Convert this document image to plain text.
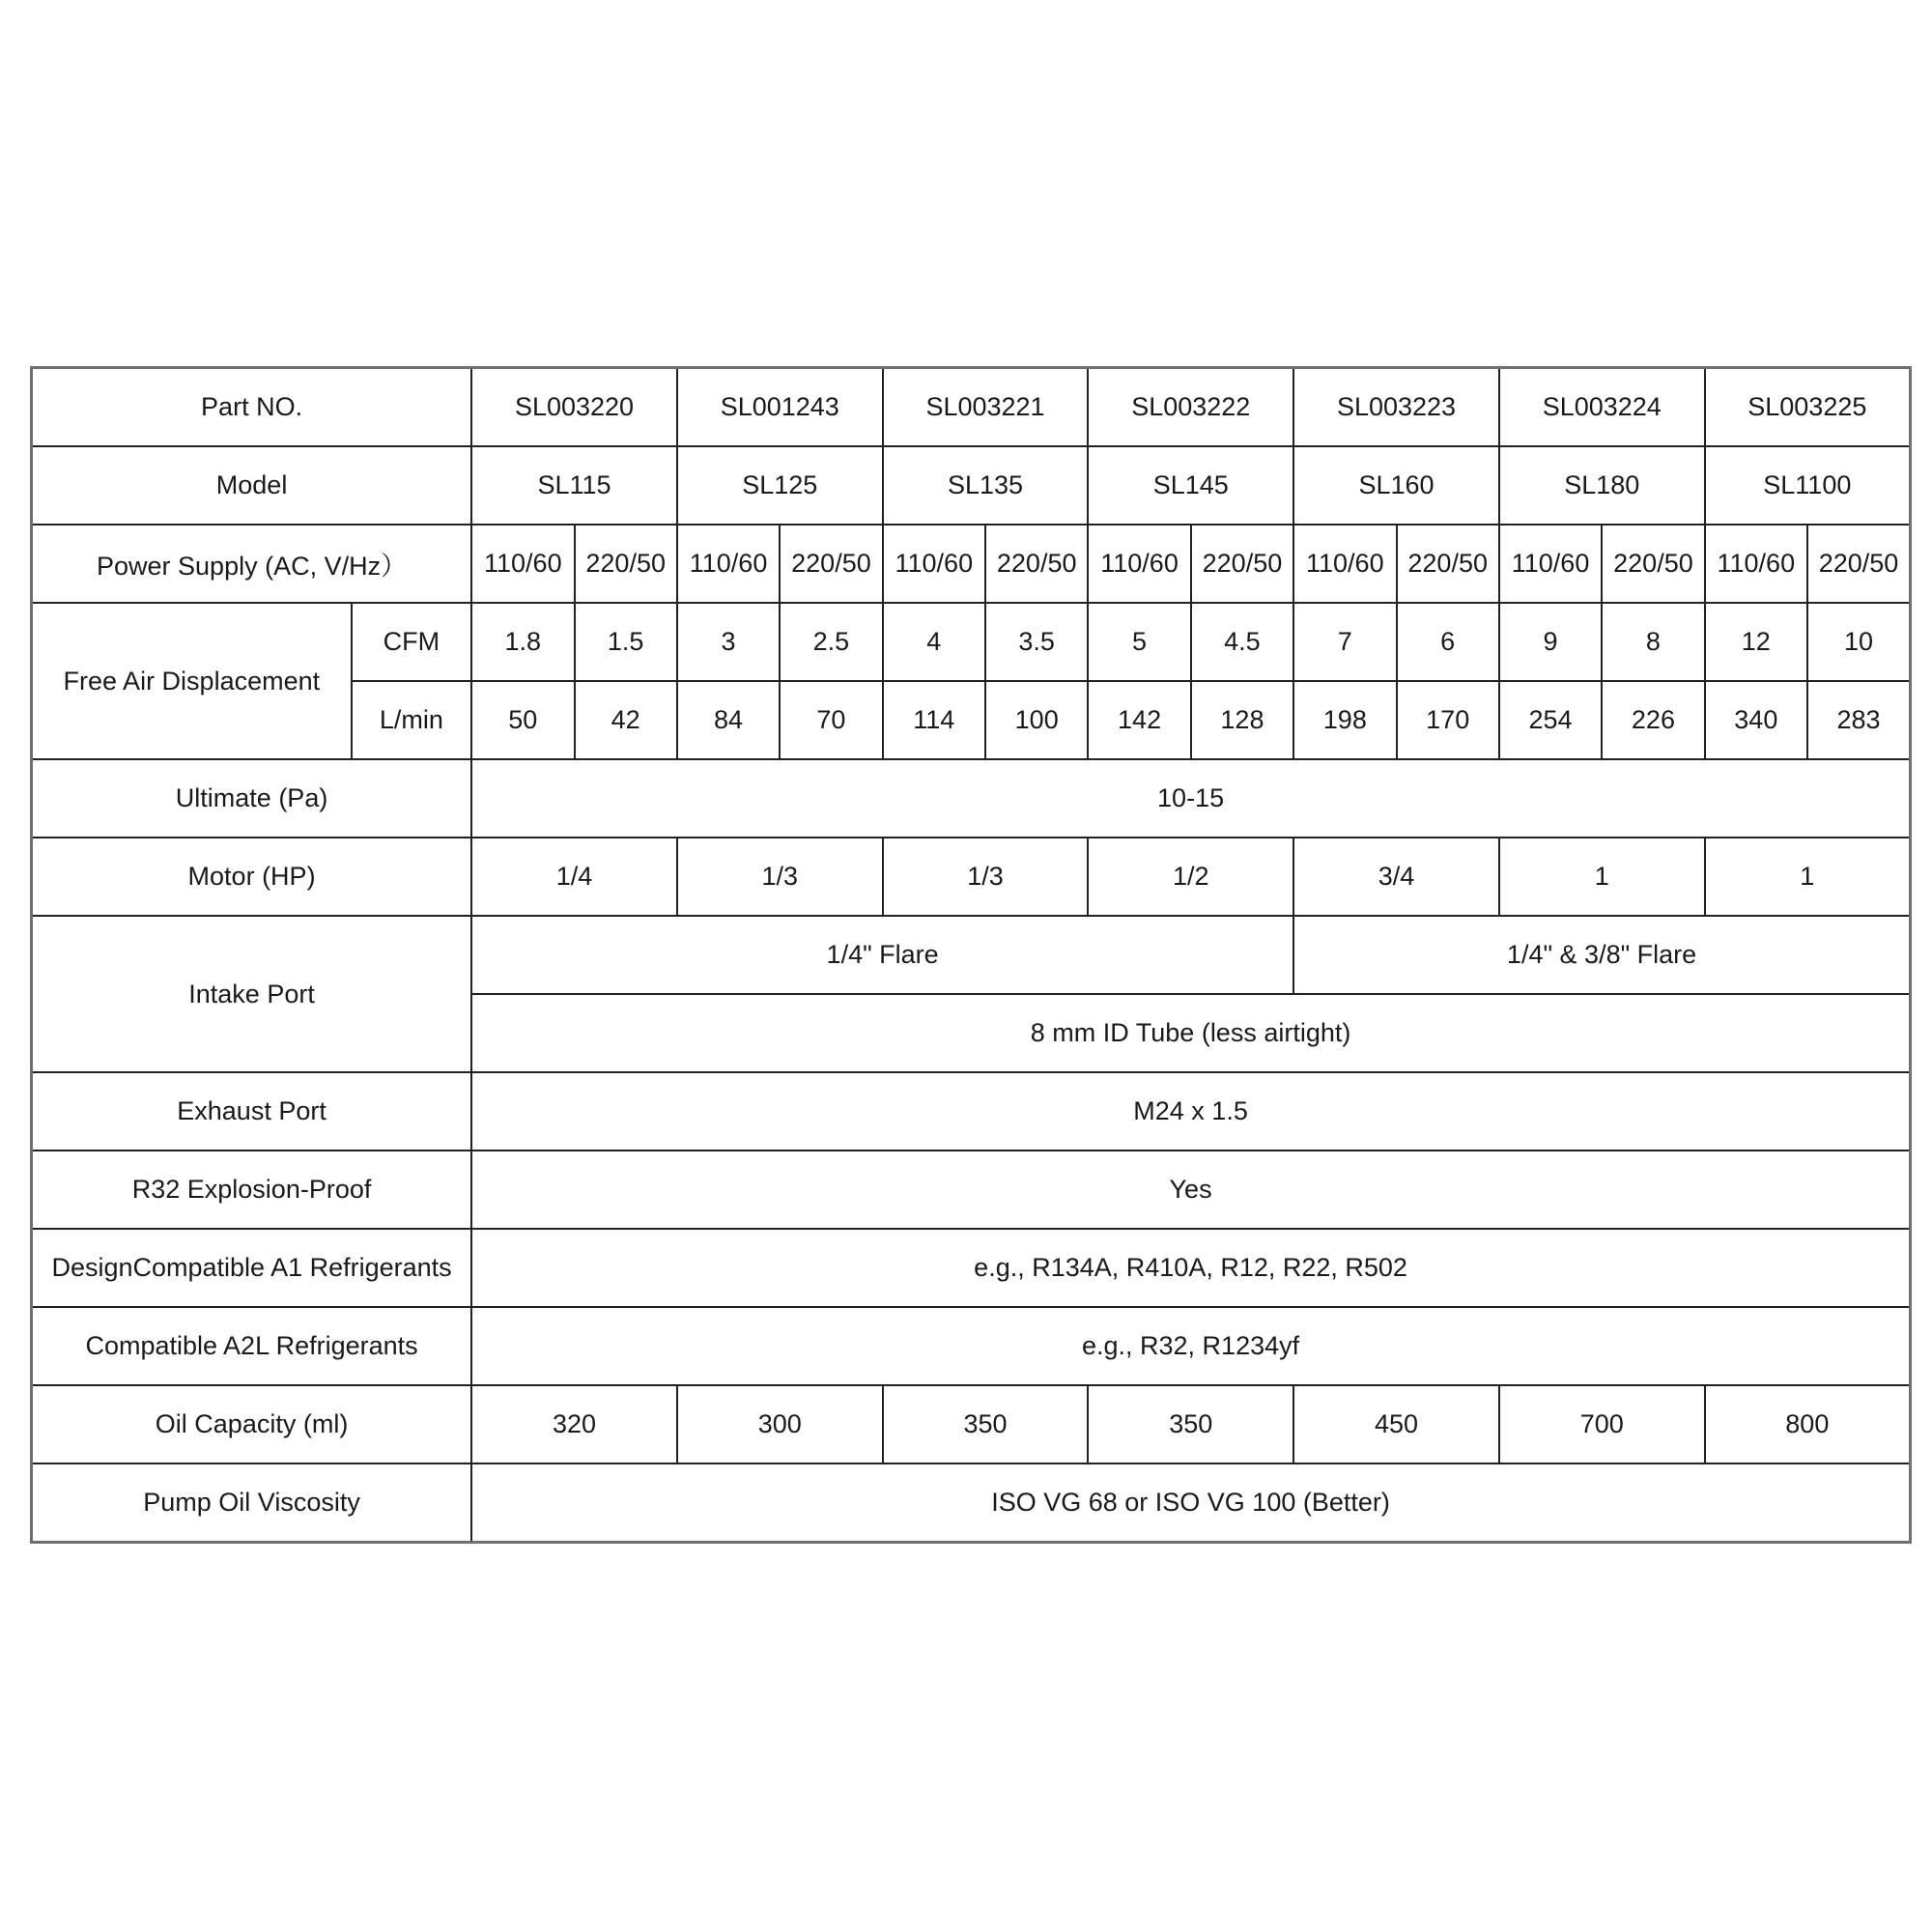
Part NO.		SL003220		SL001243		SL003221		SL003222		SL003223		SL003224		SL003225	
Model		SL115		SL125		SL135		SL145		SL160		SL180		SL1100	
Power Supply (AC, V/Hz）		110/60	220/50	110/60	220/50	110/60	220/50	110/60	220/50	110/60	220/50	110/60	220/50	110/60	220/50
Free Air Displacement	CFM	1.8	1.5	3	2.5	4	3.5	5	4.5	7	6	9	8	12	10
	L/min	50	42	84	70	114	100	142	128	198	170	254	226	340	283
Ultimate (Pa)		10-15													
Motor (HP)		1/4		1/3		1/3		1/2		3/4		1		1	
Intake Port		1/4" Flare								1/4" & 3/8" Flare					
		8 mm ID Tube (less airtight)													
Exhaust Port		M24 x 1.5													
R32 Explosion-Proof		Yes													
DesignCompatible A1 Refrigerants		e.g., R134A, R410A, R12, R22, R502													
Compatible A2L Refrigerants		e.g., R32, R1234yf													
Oil Capacity (ml)		320		300		350		350		450		700		800	
Pump Oil Viscosity		ISO VG 68 or ISO VG 100 (Better)													
